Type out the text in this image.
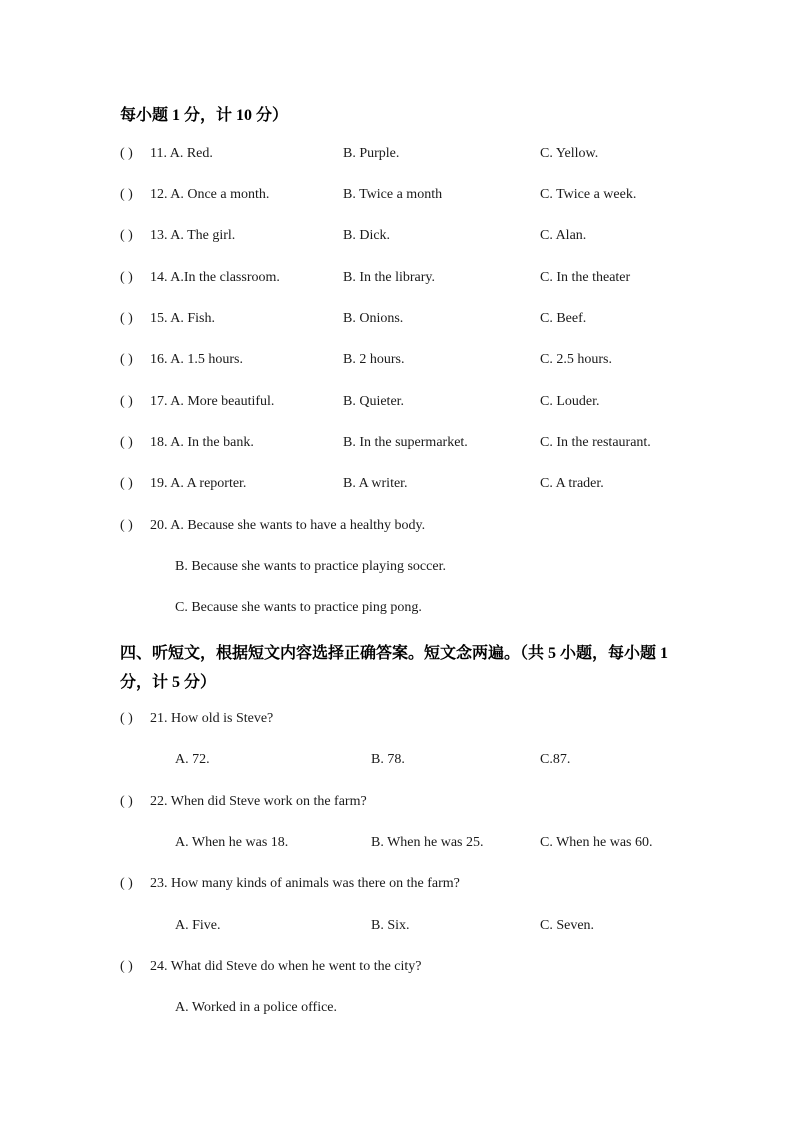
每小题 1 分，计 10 分）
( ) 11. A. Red.	B. Purple.	C. Yellow.
( ) 12. A. Once a month.	B. Twice a month	C. Twice a week.
( ) 13. A. The girl.	B. Dick.	C. Alan.
( ) 14. A.In the classroom.	B. In the library.	C. In the theater
( ) 15. A. Fish.	B. Onions.	C. Beef.
( ) 16. A. 1.5 hours.	B. 2 hours.	C. 2.5 hours.
( ) 17. A. More beautiful.	B. Quieter.	C. Louder.
( ) 18. A. In the bank.	B. In the supermarket.	C. In the restaurant.
( ) 19. A. A reporter.	B. A writer.	C. A trader.
( ) 20. A. Because she wants to have a healthy body.
B. Because she wants to practice playing soccer.
C. Because she wants to practice ping pong.
四、听短文，根据短文内容选择正确答案。短文念两遍。（共 5 小题，每小题 1
分，计 5 分）
( ) 21. How old is Steve?
A. 72.	B. 78.	C.87.
( ) 22. When did Steve work on the farm?
A. When he was 18.	B. When he was 25.	C. When he was 60.
( ) 23. How many kinds of animals was there on the farm?
A. Five.	B. Six.	C. Seven.
( ) 24. What did Steve do when he went to the city?
A. Worked in a police office.
